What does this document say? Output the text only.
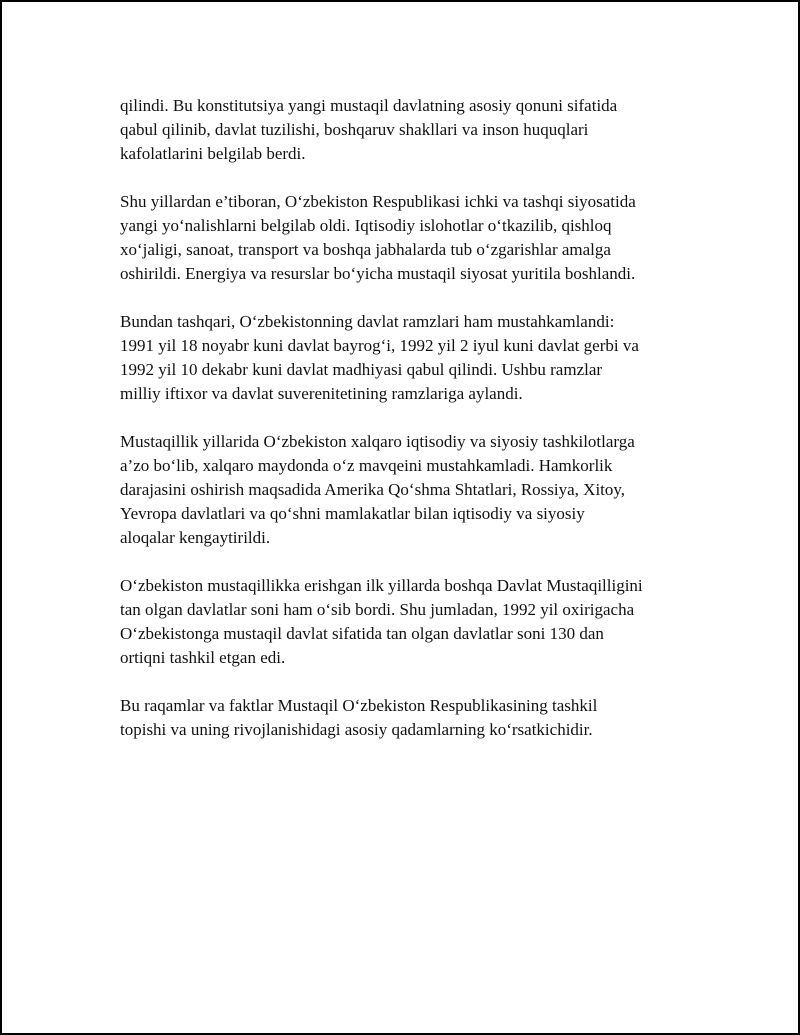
qilindi. Bu konstitutsiya yangi mustaqil davlatning asosiy qonuni sifatida
qabul qilinib, davlat tuzilishi, boshqaruv shakllari va inson huquqlari
kafolatlarini belgilab berdi.

Shu yillardan e’tiboran, O‘zbekiston Respublikasi ichki va tashqi siyosatida
yangi yo‘nalishlarni belgilab oldi. Iqtisodiy islohotlar o‘tkazilib, qishloq
xo‘jaligi, sanoat, transport va boshqa jabhalarda tub o‘zgarishlar amalga
oshirildi. Energiya va resurslar bo‘yicha mustaqil siyosat yuritila boshlandi.

Bundan tashqari, O‘zbekistonning davlat ramzlari ham mustahkamlandi:
1991 yil 18 noyabr kuni davlat bayrog‘i, 1992 yil 2 iyul kuni davlat gerbi va
1992 yil 10 dekabr kuni davlat madhiyasi qabul qilindi. Ushbu ramzlar
milliy iftixor va davlat suverenitetining ramzlariga aylandi.

Mustaqillik yillarida O‘zbekiston xalqaro iqtisodiy va siyosiy tashkilotlarga
a’zo bo‘lib, xalqaro maydonda o‘z mavqeini mustahkamladi. Hamkorlik
darajasini oshirish maqsadida Amerika Qo‘shma Shtatlari, Rossiya, Xitoy,
Yevropa davlatlari va qo‘shni mamlakatlar bilan iqtisodiy va siyosiy
aloqalar kengaytirildi.

O‘zbekiston mustaqillikka erishgan ilk yillarda boshqa Davlat Mustaqilligini
tan olgan davlatlar soni ham o‘sib bordi. Shu jumladan, 1992 yil oxirigacha
O‘zbekistonga mustaqil davlat sifatida tan olgan davlatlar soni 130 dan
ortiqni tashkil etgan edi.

Bu raqamlar va faktlar Mustaqil O‘zbekiston Respublikasining tashkil
topishi va uning rivojlanishidagi asosiy qadamlarning ko‘rsatkichidir.
